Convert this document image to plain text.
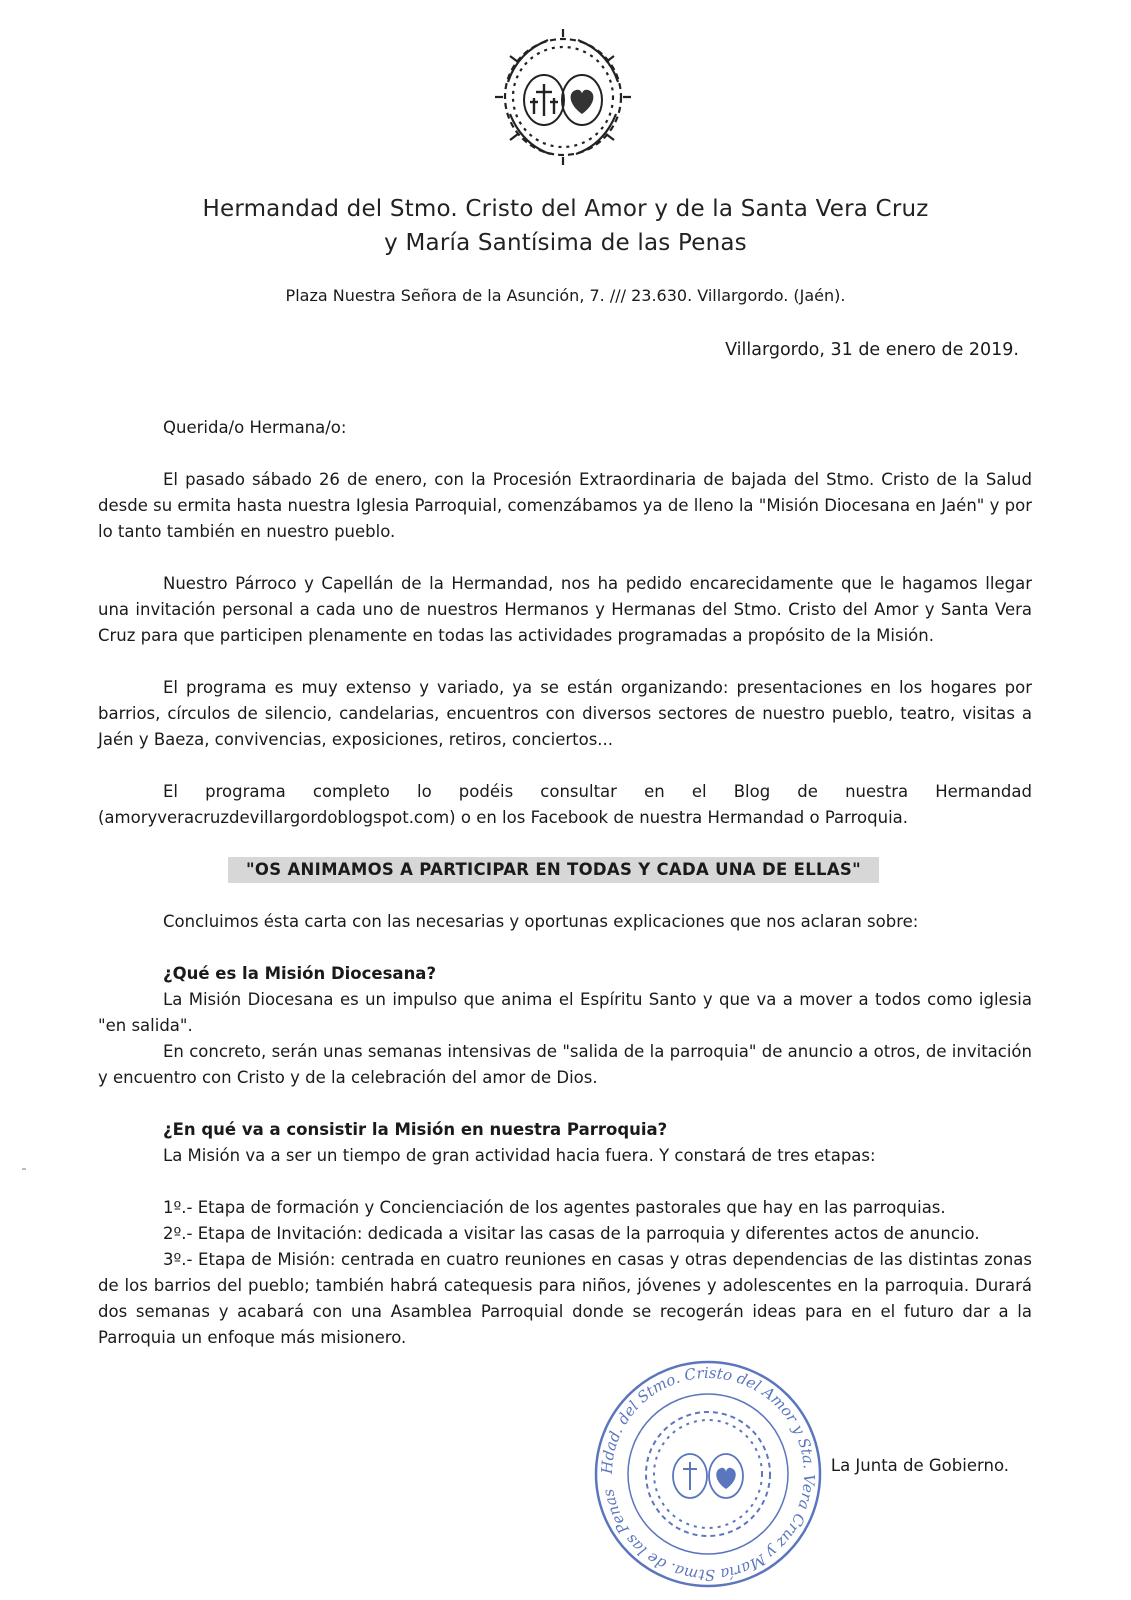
Hermandad del Stmo. Cristo del Amor y de la Santa Vera Cruz
y María Santísima de las Penas
Plaza Nuestra Señora de la Asunción, 7. /// 23.630. Villargordo. (Jaén).
Villargordo, 31 de enero de 2019.

Querida/o Hermana/o:

El pasado sábado 26 de enero, con la Procesión Extraordinaria de bajada del Stmo. Cristo de la Salud desde su ermita hasta nuestra Iglesia Parroquial, comenzábamos ya de lleno la "Misión Diocesana en Jaén" y por lo tanto también en nuestro pueblo.

Nuestro Párroco y Capellán de la Hermandad, nos ha pedido encarecidamente que le hagamos llegar una invitación personal a cada uno de nuestros Hermanos y Hermanas del Stmo. Cristo del Amor y Santa Vera Cruz para que participen plenamente en todas las actividades programadas a propósito de la Misión.

El programa es muy extenso y variado, ya se están organizando: presentaciones en los hogares por barrios, círculos de silencio, candelarias, encuentros con diversos sectores de nuestro pueblo, teatro, visitas a Jaén y Baeza, convivencias, exposiciones, retiros, conciertos...

El programa completo lo podéis consultar en el Blog de nuestra Hermandad

(amoryveracruzdevillargordoblogspot.com) o en los Facebook de nuestra Hermandad o Parroquia.

"OS ANIMAMOS A PARTICIPAR EN TODAS Y CADA UNA DE ELLAS"

Concluimos ésta carta con las necesarias y oportunas explicaciones que nos aclaran sobre:

¿Qué es la Misión Diocesana?

La Misión Diocesana es un impulso que anima el Espíritu Santo y que va a mover a todos como iglesia "en salida".

En concreto, serán unas semanas intensivas de "salida de la parroquia" de anuncio a otros, de invitación y encuentro con Cristo y de la celebración del amor de Dios.

¿En qué va a consistir la Misión en nuestra Parroquia?

La Misión va a ser un tiempo de gran actividad hacia fuera. Y constará de tres etapas:

1º.- Etapa de formación y Concienciación de los agentes pastorales que hay en las parroquias.

2º.- Etapa de Invitación: dedicada a visitar las casas de la parroquia y diferentes actos de anuncio.

3º.- Etapa de Misión: centrada en cuatro reuniones en casas y otras dependencias de las distintas zonas de los barrios del pueblo; también habrá catequesis para niños, jóvenes y adolescentes en la parroquia. Durará dos semanas y acabará con una Asamblea Parroquial donde se recogerán ideas para en el futuro dar a la Parroquia un enfoque más misionero.

Hdad. del Stmo. Cristo del Amor y Sta. Vera Cruz y María Stma. de las Penas
La Junta de Gobierno.
